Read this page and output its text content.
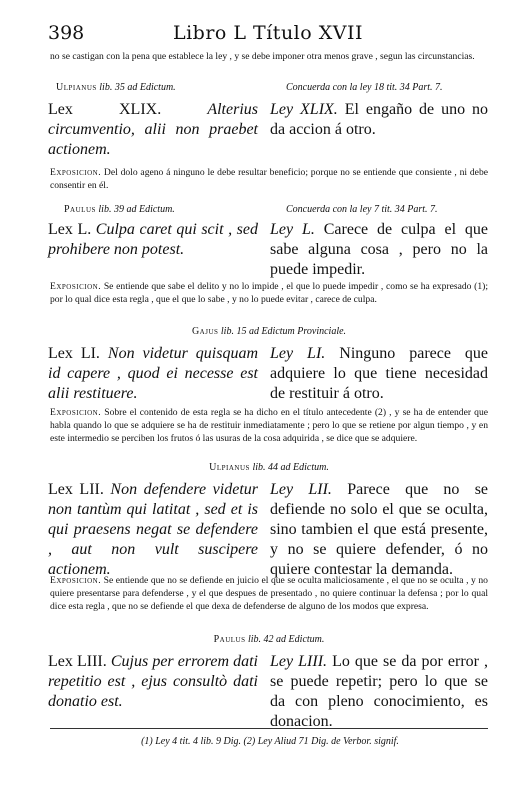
398	Libro L Título XVII
no se castigan con la pena que establece la ley , y se debe imponer otra menos grave , segun las circunstancias.
Ulpianus lib. 35 ad Edictum.	Concuerda con la ley 18 tit. 34 Part. 7.
Lex XLIX.	Alterius circumventio, alii non praebet actionem.
Ley XLIX. El engaño de uno no da accion á otro.
Exposicion. Del dolo ageno á ninguno le debe resultar beneficio; porque no se entiende que consiente , ni debe consentir en él.
Paulus lib. 39 ad Edictum.	Concuerda con la ley 7 tit. 34 Part. 7.
Lex L. Culpa caret qui scit , sed prohibere non potest.
Ley L. Carece de culpa el que sabe alguna cosa , pero no la puede impedir.
Exposicion. Se entiende que sabe el delito y no lo impide , el que lo puede impedir , como se ha expresado (1); por lo qual dice esta regla , que el que lo sabe , y no lo puede evitar , carece de culpa.
Gajus lib. 15 ad Edictum Provinciale.
Lex LI. Non videtur quisquam id capere , quod ei necesse est alii restituere.
Ley LI. Ninguno parece que adquiere lo que tiene necesidad de restituir á otro.
Exposicion. Sobre el contenido de esta regla se ha dicho en el título antecedente (2) , y se ha de entender que habla quando lo que se adquiere se ha de restituir inmediatamente ; pero lo que se retiene por algun tiempo , y en este intermedio se perciben los frutos ó las usuras de la cosa adquirida , se dice que se adquiere.
Ulpianus lib. 44 ad Edictum.
Lex LII. Non defendere videtur non tantùm qui latitat , sed et is qui praesens negat se defendere , aut non vult suscipere actionem.
Ley LII. Parece que no se defiende no solo el que se oculta, sino tambien el que está presente, y no se quiere defender, ó no quiere contestar la demanda.
Exposicion. Se entiende que no se defiende en juicio el que se oculta maliciosamente , el que no se oculta , y no quiere presentarse para defenderse , y el que despues de presentado , no quiere continuar la defensa ; por lo qual dice esta regla , que no se defiende el que dexa de defenderse de alguno de los modos que expresa.
Paulus lib. 42 ad Edictum.
Lex LIII. Cujus per errorem dati repetitio est , ejus consultò dati donatio est.
Ley LIII. Lo que se da por error , se puede repetir; pero lo que se da con pleno conocimiento, es donacion.
(1) Ley 4 tit. 4 lib. 9 Dig. (2) Ley Aliud 71 Dig. de Verbor. signif.
